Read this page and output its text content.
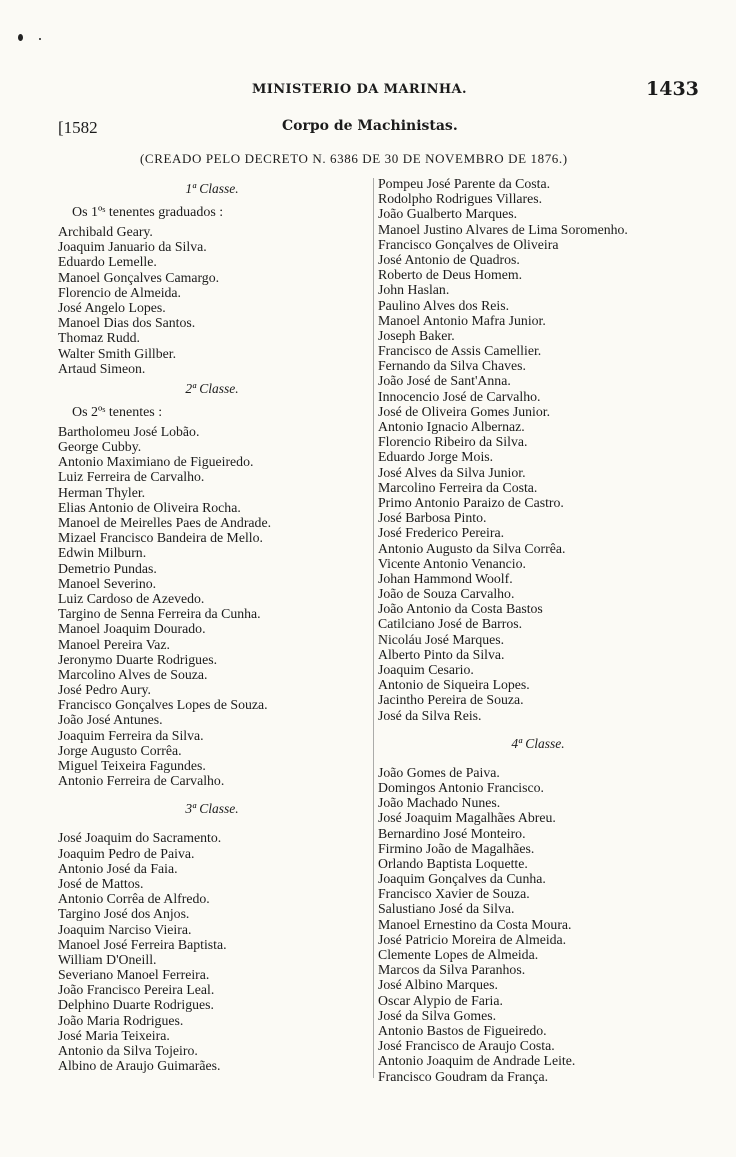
MINISTERIO DA MARINHA.	1433
[1582	Corpo de Machinistas.
(CREADO PELO DECRETO N. 6386 DE 30 DE NOVEMBRO DE 1876.)
1ª Classe.
Os 1ºˢ tenentes graduados :
Archibald Geary.
Joaquim Januario da Silva.
Eduardo Lemelle.
Manoel Gonçalves Camargo.
Florencio de Almeida.
José Angelo Lopes.
Manoel Dias dos Santos.
Thomaz Rudd.
Walter Smith Gillber.
Artaud Simeon.
2ª Classe.
Os 2ºˢ tenentes :
Bartholomeu José Lobão.
George Cubby.
Antonio Maximiano de Figueiredo.
Luiz Ferreira de Carvalho.
Herman Thyler.
Elias Antonio de Oliveira Rocha.
Manoel de Meirelles Paes de Andrade.
Mizael Francisco Bandeira de Mello.
Edwin Milburn.
Demetrio Pundas.
Manoel Severino.
Luiz Cardoso de Azevedo.
Targino de Senna Ferreira da Cunha.
Manoel Joaquim Dourado.
Manoel Pereira Vaz.
Jeronymo Duarte Rodrigues.
Marcolino Alves de Souza.
José Pedro Aury.
Francisco Gonçalves Lopes de Souza.
João José Antunes.
Joaquim Ferreira da Silva.
Jorge Augusto Corrêa.
Miguel Teixeira Fagundes.
Antonio Ferreira de Carvalho.
3ª Classe.
José Joaquim do Sacramento.
Joaquim Pedro de Paiva.
Antonio José da Faia.
José de Mattos.
Antonio Corrêa de Alfredo.
Targino José dos Anjos.
Joaquim Narciso Vieira.
Manoel José Ferreira Baptista.
William D'Oneill.
Severiano Manoel Ferreira.
João Francisco Pereira Leal.
Delphino Duarte Rodrigues.
João Maria Rodrigues.
José Maria Teixeira.
Antonio da Silva Tojeiro.
Albino de Araujo Guimarães.
Pompeu José Parente da Costa.
Rodolpho Rodrigues Villares.
João Gualberto Marques.
Manoel Justino Alvares de Lima Soromenho.
Francisco Gonçalves de Oliveira
José Antonio de Quadros.
Roberto de Deus Homem.
John Haslan.
Paulino Alves dos Reis.
Manoel Antonio Mafra Junior.
Joseph Baker.
Francisco de Assis Camellier.
Fernando da Silva Chaves.
João José de Sant'Anna.
Innocencio José de Carvalho.
José de Oliveira Gomes Junior.
Antonio Ignacio Albernaz.
Florencio Ribeiro da Silva.
Eduardo Jorge Mois.
José Alves da Silva Junior.
Marcolino Ferreira da Costa.
Primo Antonio Paraizo de Castro.
José Barbosa Pinto.
José Frederico Pereira.
Antonio Augusto da Silva Corrêa.
Vicente Antonio Venancio.
Johan Hammond Woolf.
João de Souza Carvalho.
João Antonio da Costa Bastos
Catilciano José de Barros.
Nicoláu José Marques.
Alberto Pinto da Silva.
Joaquim Cesario.
Antonio de Siqueira Lopes.
Jacintho Pereira de Souza.
José da Silva Reis.
4ª Classe.
João Gomes de Paiva.
Domingos Antonio Francisco.
João Machado Nunes.
José Joaquim Magalhães Abreu.
Bernardino José Monteiro.
Firmino João de Magalhães.
Orlando Baptista Loquette.
Joaquim Gonçalves da Cunha.
Francisco Xavier de Souza.
Salustiano José da Silva.
Manoel Ernestino da Costa Moura.
José Patricio Moreira de Almeida.
Clemente Lopes de Almeida.
Marcos da Silva Paranhos.
José Albino Marques.
Oscar Alypio de Faria.
José da Silva Gomes.
Antonio Bastos de Figueiredo.
José Francisco de Araujo Costa.
Antonio Joaquim de Andrade Leite.
Francisco Goudram da França.
